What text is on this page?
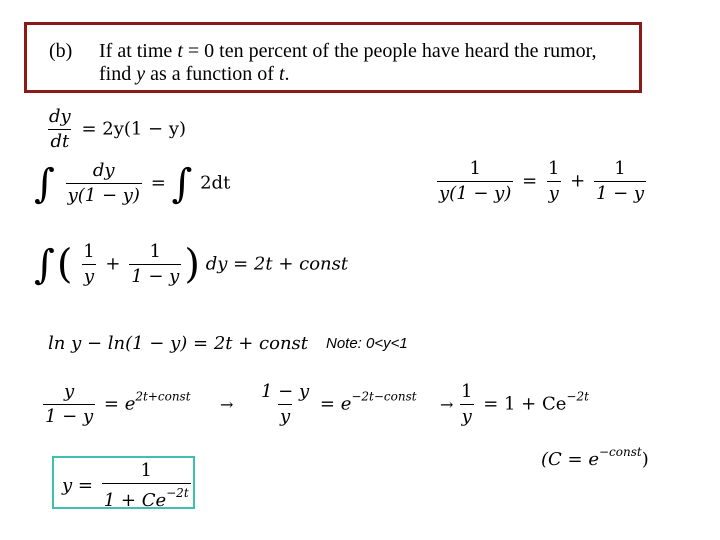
(b) If at time t = 0 ten percent of the people have heard the rumor,
find y as a function of t.
$\frac{dy}{dt} = 2y(1 - y)$
∫ $\frac{dy}{y(1 - y)}$ = ∫ 2dt	$\frac{1}{y(1 - y)} = \frac{1}{y} + \frac{1}{1 - y}$
∫( $\frac{1}{y} + \frac{1}{1 - y}$ ) dy = 2t + const
ln y − ln(1 − y) = 2t + const Note: 0<y<1
$\frac{y}{1 - y} = e^{2t+const} \to \frac{1 - y}{y} = e^{-2t-const} \to \frac{1}{y} = 1 + Ce^{-2t}$
$(C = e^{-const})$
$y = \frac{1}{1 + Ce^{-2t}}$
